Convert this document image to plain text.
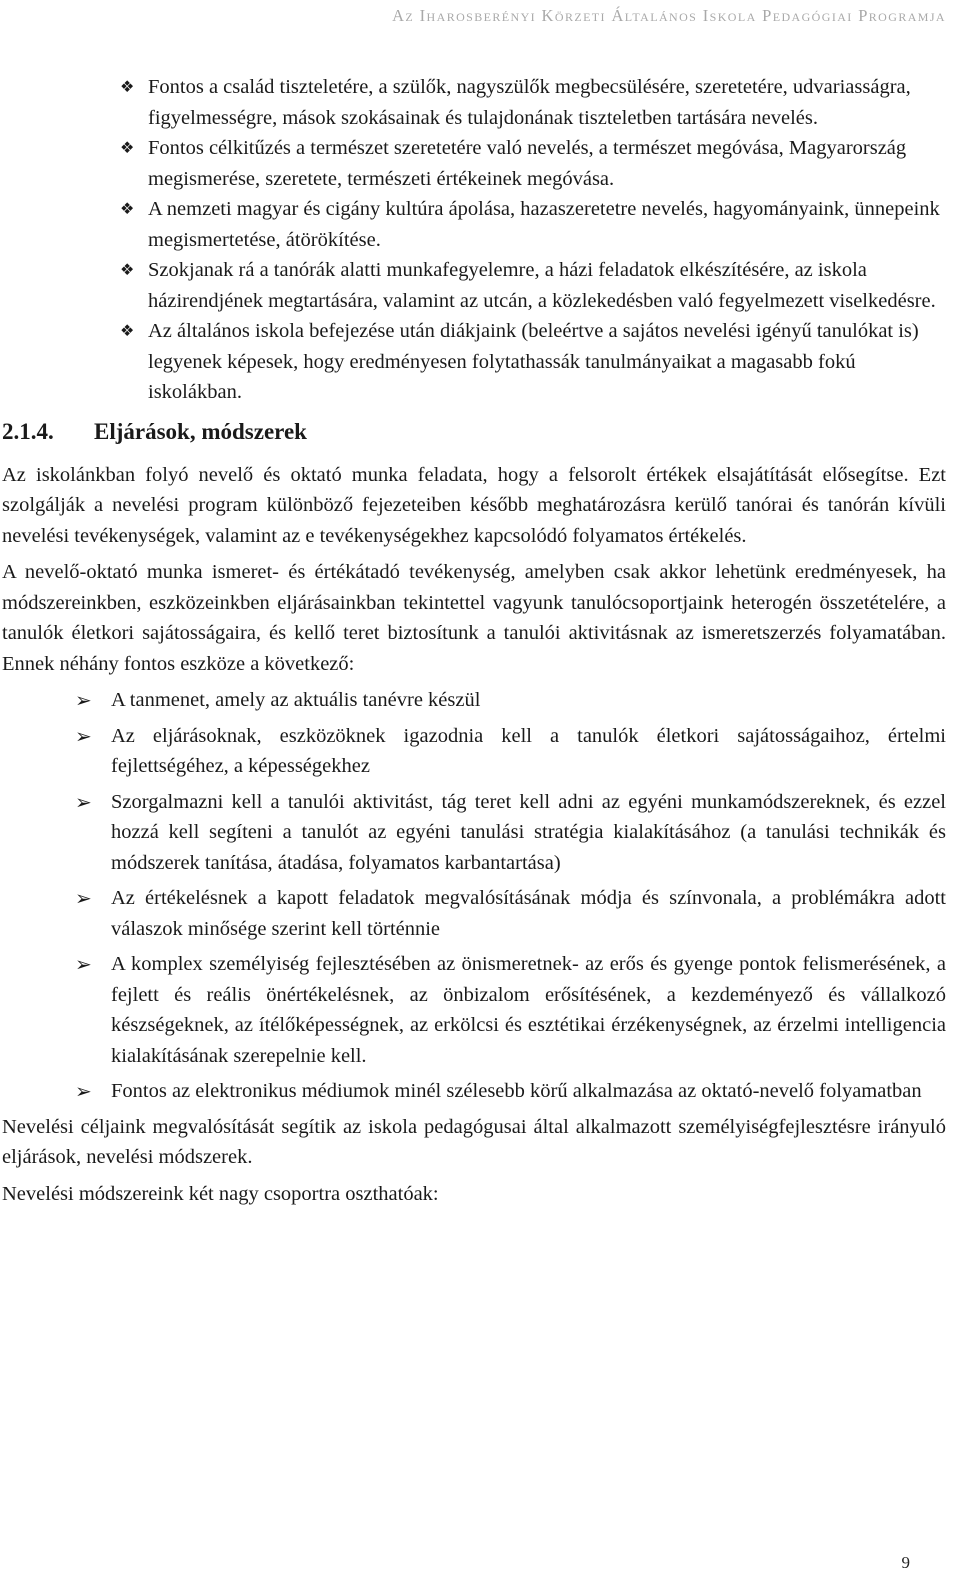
Az Iharosberényi Körzeti Általános Iskola Pedagógiai Programja
❖ Fontos a család tiszteletére, a szülők, nagyszülők megbecsülésére, szeretetére, udvariasságra, figyelmességre, mások szokásainak és tulajdonának tiszteletben tartására nevelés.
❖ Fontos célkitűzés a természet szeretetére való nevelés, a természet megóvása, Magyarország megismerése, szeretete, természeti értékeinek megóvása.
❖ A nemzeti magyar és cigány kultúra ápolása, hazaszeretetre nevelés, hagyományaink, ünnepeink megismertetése, átörökítése.
❖ Szokjanak rá a tanórák alatti munkafegyelemre, a házi feladatok elkészítésére, az iskola házirendjének megtartására, valamint az utcán, a közlekedésben való fegyelmezett viselkedésre.
❖ Az általános iskola befejezése után diákjaink (beleértve a sajátos nevelési igényű tanulókat is) legyenek képesek, hogy eredményesen folytathassák tanulmányaikat a magasabb fokú iskolákban.
2.1.4. Eljárások, módszerek

Az iskolánkban folyó nevelő és oktató munka feladata, hogy a felsorolt értékek elsajátítását elősegítse. Ezt szolgálják a nevelési program különböző fejezeteiben később meghatározásra kerülő tanórai és tanórán kívüli nevelési tevékenységek, valamint az e tevékenységekhez kapcsolódó folyamatos értékelés.

A nevelő-oktató munka ismeret- és értékátadó tevékenység, amelyben csak akkor lehetünk eredményesek, ha módszereinkben, eszközeinkben eljárásainkban tekintettel vagyunk tanulócsoportjaink heterogén összetételére, a tanulók életkori sajátosságaira, és kellő teret biztosítunk a tanulói aktivitásnak az ismeretszerzés folyamatában. Ennek néhány fontos eszköze a következő:

➢ A tanmenet, amely az aktuális tanévre készül
➢ Az eljárásoknak, eszközöknek igazodnia kell a tanulók életkori sajátosságaihoz, értelmi fejlettségéhez, a képességekhez
➢ Szorgalmazni kell a tanulói aktivitást, tág teret kell adni az egyéni munkamódszereknek, és ezzel hozzá kell segíteni a tanulót az egyéni tanulási stratégia kialakításához (a tanulási technikák és módszerek tanítása, átadása, folyamatos karbantartása)
➢ Az értékelésnek a kapott feladatok megvalósításának módja és színvonala, a problémákra adott válaszok minősége szerint kell történnie
➢ A komplex személyiség fejlesztésében az önismeretnek- az erős és gyenge pontok felismerésének, a fejlett és reális önértékelésnek, az önbizalom erősítésének, a kezdeményező és vállalkozó készségeknek, az ítélőképességnek, az erkölcsi és esztétikai érzékenységnek, az érzelmi intelligencia kialakításának szerepelnie kell.
➢ Fontos az elektronikus médiumok minél szélesebb körű alkalmazása az oktató-nevelő folyamatban

Nevelési céljaink megvalósítását segítik az iskola pedagógusai által alkalmazott személyiségfejlesztésre irányuló eljárások, nevelési módszerek.

Nevelési módszereink két nagy csoportra oszthatóak:

9
